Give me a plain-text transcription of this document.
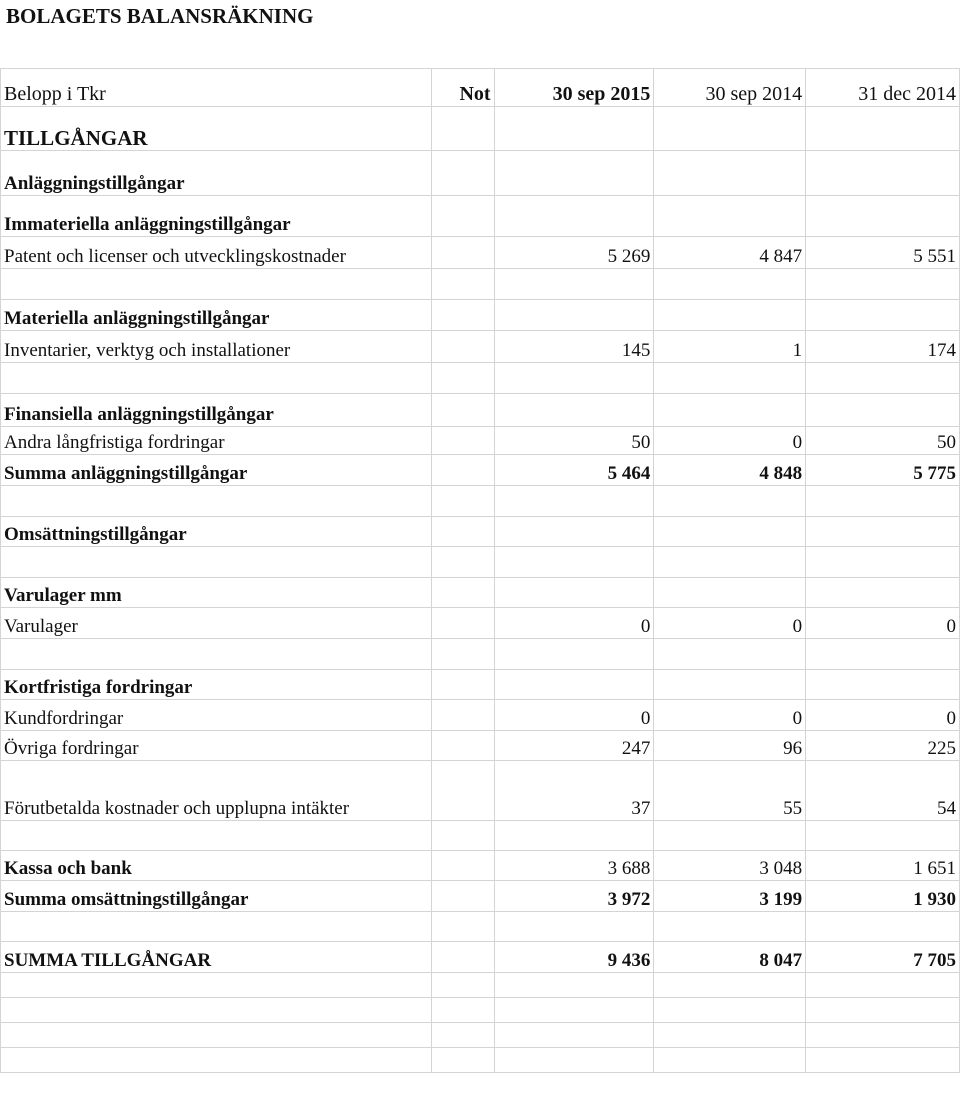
BOLAGETS BALANSRÄKNING
Belopp i Tkr	Not	30 sep 2015	30 sep 2014	31 dec 2014
TILLGÅNGAR				
Anläggningstillgångar				
Immateriella anläggningstillgångar				
Patent och licenser och utvecklingskostnader		5 269	4 847	5 551

Materiella anläggningstillgångar				
Inventarier, verktyg och installationer		145	1	174

Finansiella anläggningstillgångar				
Andra långfristiga fordringar		50	0	50
Summa anläggningstillgångar		5 464	4 848	5 775

Omsättningstillgångar				

Varulager mm				
Varulager		0	0	0

Kortfristiga fordringar				
Kundfordringar		0	0	0
Övriga fordringar		247	96	225
Förutbetalda kostnader och upplupna intäkter		37	55	54

Kassa och bank		3 688	3 048	1 651
Summa omsättningstillgångar		3 972	3 199	1 930

SUMMA TILLGÅNGAR		9 436	8 047	7 705
